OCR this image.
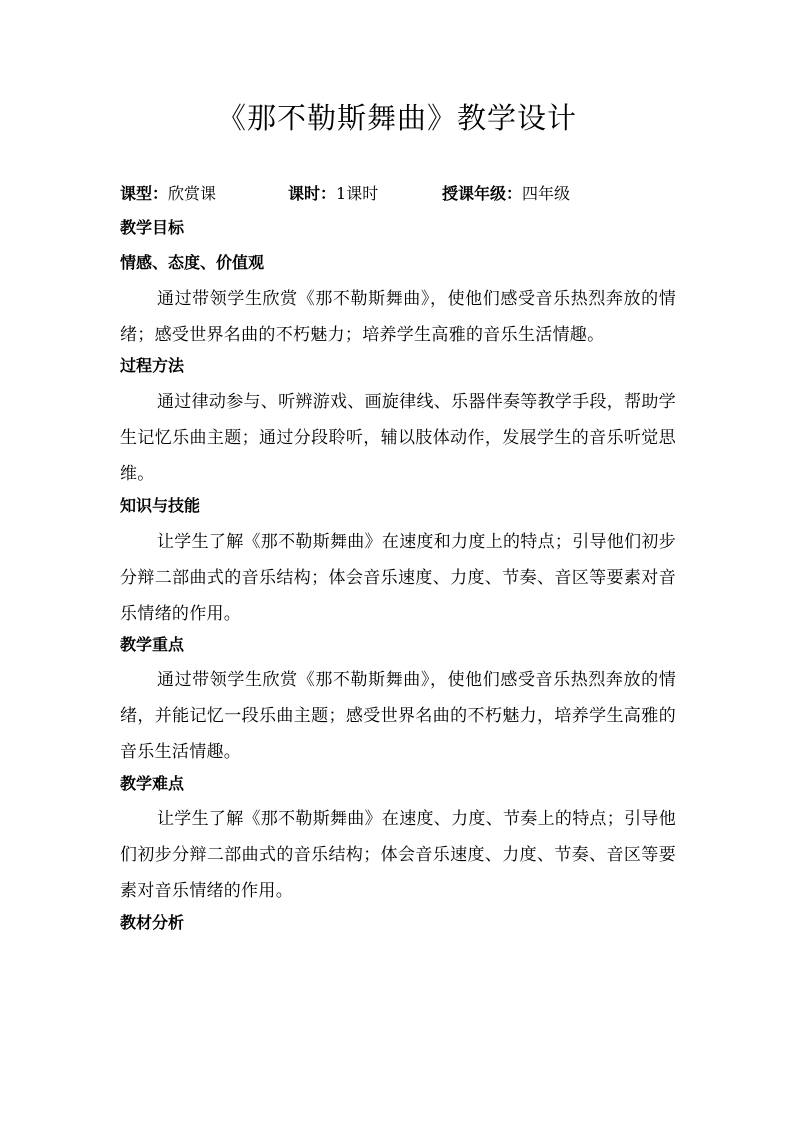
《那不勒斯舞曲》教学设计
课型：欣赏课	课时：1课时	授课年级：四年级
教学目标
情感、态度、价值观

通过带领学生欣赏《那不勒斯舞曲》，使他们感受音乐热烈奔放的情绪；感受世界名曲的不朽魅力；培养学生高雅的音乐生活情趣。

过程方法

通过律动参与、听辨游戏、画旋律线、乐器伴奏等教学手段，帮助学生记忆乐曲主题；通过分段聆听，辅以肢体动作，发展学生的音乐听觉思维。

知识与技能

让学生了解《那不勒斯舞曲》在速度和力度上的特点；引导他们初步分辩二部曲式的音乐结构；体会音乐速度、力度、节奏、音区等要素对音乐情绪的作用。

教学重点

通过带领学生欣赏《那不勒斯舞曲》，使他们感受音乐热烈奔放的情绪，并能记忆一段乐曲主题；感受世界名曲的不朽魅力，培养学生高雅的音乐生活情趣。

教学难点

让学生了解《那不勒斯舞曲》在速度、力度、节奏上的特点；引导他们初步分辩二部曲式的音乐结构；体会音乐速度、力度、节奏、音区等要素对音乐情绪的作用。

教材分析
